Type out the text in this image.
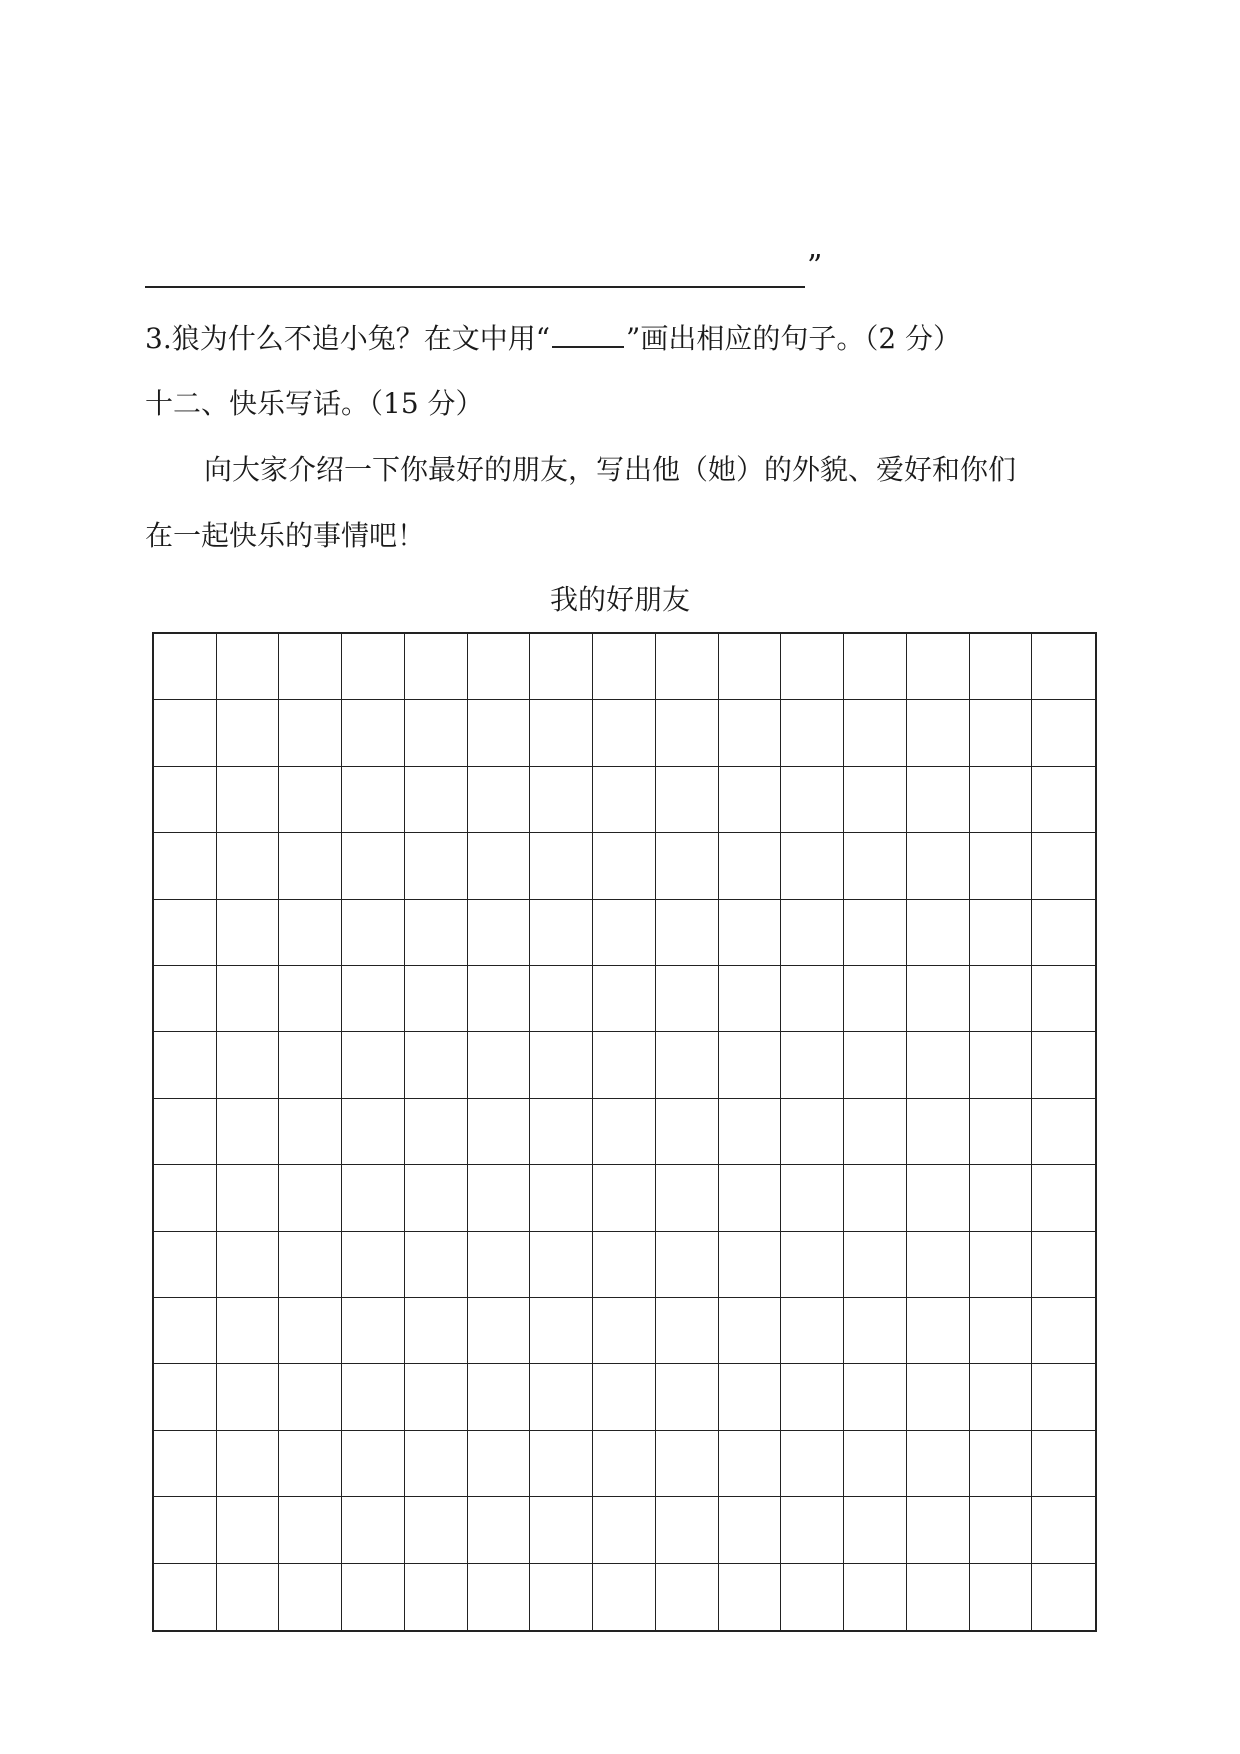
”
3.狼为什么不追小兔？在文中用“	”画出相应的句子。（2 分）
十二、快乐写话。（15 分）
向大家介绍一下你最好的朋友，写出他（她）的外貌、爱好和你们
在一起快乐的事情吧！
我的好朋友
